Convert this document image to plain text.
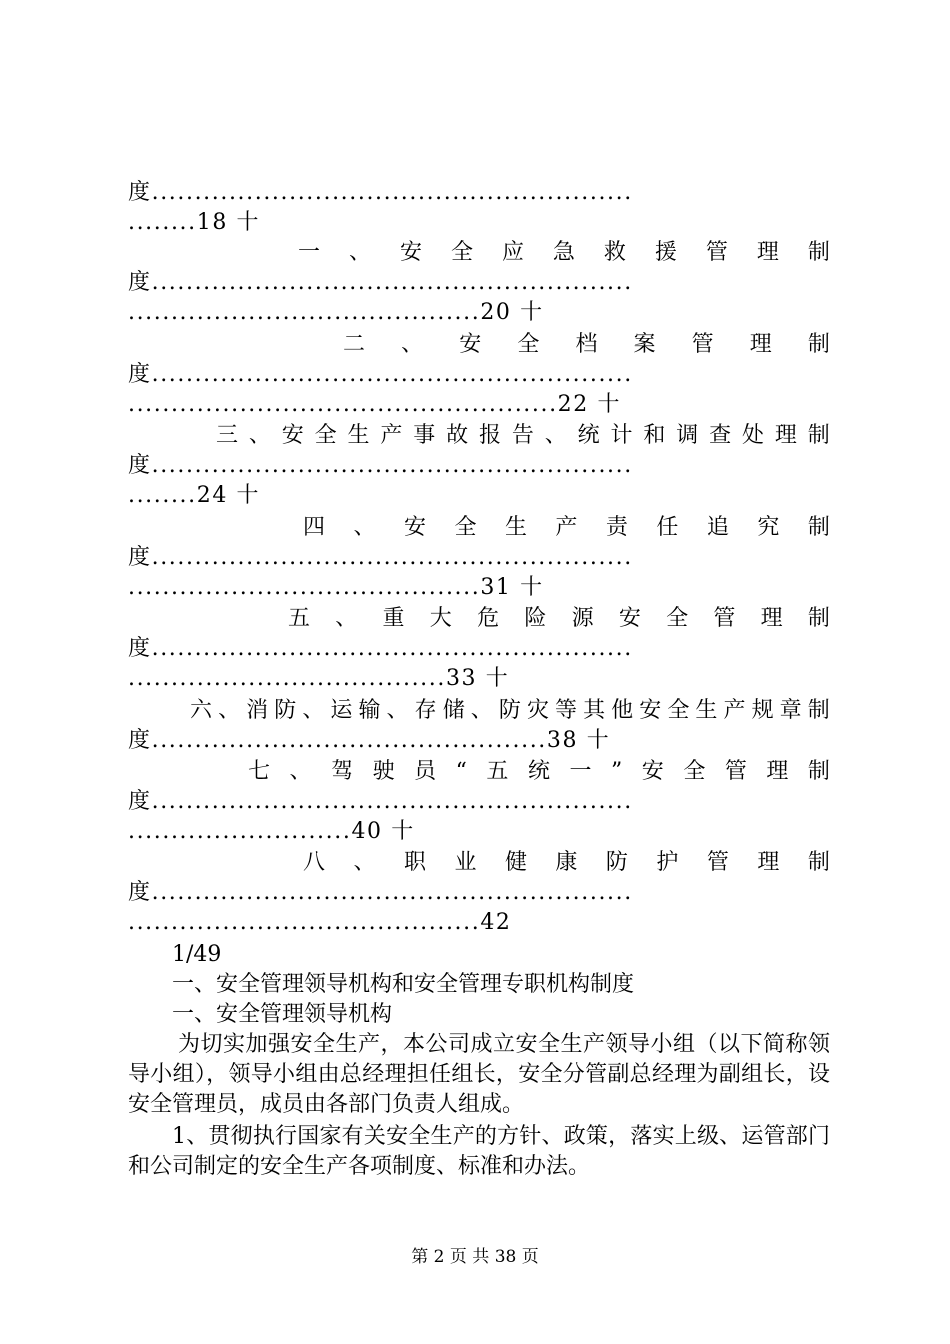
度........................................................
........18 十
一 、 安 全 应 急 救 援 管 理 制
度........................................................
.........................................20 十
二 、 安 全 档 案 管 理 制
度........................................................
..................................................22 十
三 、 安 全 生 产 事 故 报 告 、 统 计 和 调 查 处 理 制
度........................................................
........24 十
四 、 安 全 生 产 责 任 追 究 制
度........................................................
.........................................31 十
五 、 重 大 危 险 源 安 全 管 理 制
度........................................................
.....................................33 十
六 、 消 防 、 运 输 、 存 储 、 防 灾 等 其 他 安 全 生 产 规 章 制
度..............................................38 十
七 、 驾 驶 员 “ 五 统 一 ” 安 全 管 理 制
度........................................................
..........................40 十
八 、 职 业 健 康 防 护 管 理 制
度........................................................
.........................................42
1/49
一、安全管理领导机构和安全管理专职机构制度
一、安全管理领导机构
为切实加强安全生产，本公司成立安全生产领导小组（以下简称领导小组），领导小组由总经理担任组长，安全分管副总经理为副组长，设安全管理员，成员由各部门负责人组成。
1、贯彻执行国家有关安全生产的方针、政策，落实上级、运管部门和公司制定的安全生产各项制度、标准和办法。
第 2 页 共 38 页
